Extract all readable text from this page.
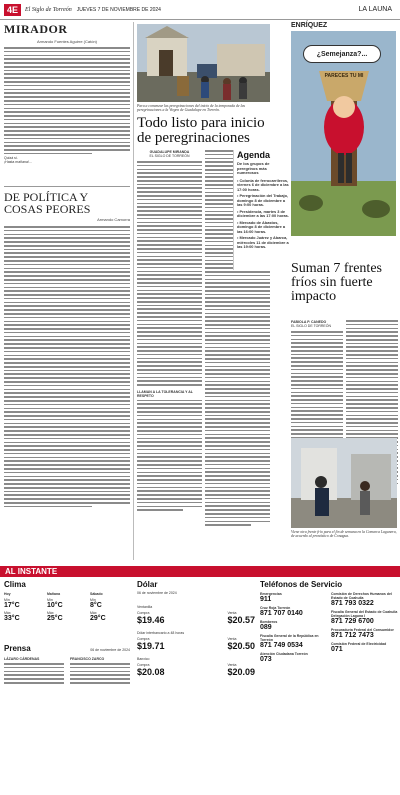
4E	El Siglo de Torreón JUEVES 7 DE NOVIEMBRE DE 2024	LA LAUNA
MIRADOR
Armando Fuentes Aguirre (Catón)
Quizá sí.
¡Hasta mañana!...
DE POLÍTICA Y
COSAS PEORES
Armando Camorra
Para a comenzar las peregrinaciones del inicio de la temporada de las peregrinaciones a la Virgen de Guadalupe en Torreón.
Todo listo para inicio de peregrinaciones
GUADALUPE MIRANDA
EL SIGLO DE TORREÓN
LLAMAN A LA TOLERANCIA Y AL RESPETO
Agenda
De los grupos de peregrinos más numerosos
• Colonia de ferrocarrileros, viernes 6 de diciembre a las 17:00 horas.
• Peregrinación del Trabajo, domingo 8 de diciembre a las 9:00 horas.
• Presidencia, martes 3 de diciembre a las 17:00 horas.
• Mercado de Abastos, domingo 8 de diciembre a las 16:00 horas.
• Mercado Juárez y Abarca, miércoles 11 de diciembre a las 19:00 horas.
ENRÍQUEZ
¿Semejanza?...
PARECES TU MI
Suman 7 frentes fríos sin fuerte impacto
FABIOLA P. CANEDO
EL SIGLO DE TORREÓN
Viene otra frente frío para el fin de semana en la Comarca Lagunera, de acuerdo al pronóstico de Conagua.
AL INSTANTE
Clima
Hoy	Mañana	Sábado
Mín	Mín	Mín
17°C	10°C	8°C
Máx	Máx	Máx
33°C	25°C	29°C
Prensa	06 de noviembre de 2024
LÁZARO CÁRDENAS	FRANCISCO ZARCO
Dólar
06 de noviembre de 2024
Ventanilla
Compra
$19.46
Venta
$20.57
Dólar interbancario a 48 horas
Compra
$19.71
Venta
$20.50
Banxico
Compra
$20.08
Venta
$20.09
Teléfonos de Servicio
Emergencias
911
Cruz Roja Torreón
871 707 0140
Bomberos
089
Fiscalía General de la República en Torreón
871 749 0534
Atención Ciudadana Torreón
073
Comisión de Derechos Humanos del Estado de Coahuila
871 793 0322
Fiscalía General del Estado de Coahuila Delegación Laguna I
871 729 6700
Procuraduría Federal del Consumidor
871 712 7473
Comisión Federal de Electricidad
071
